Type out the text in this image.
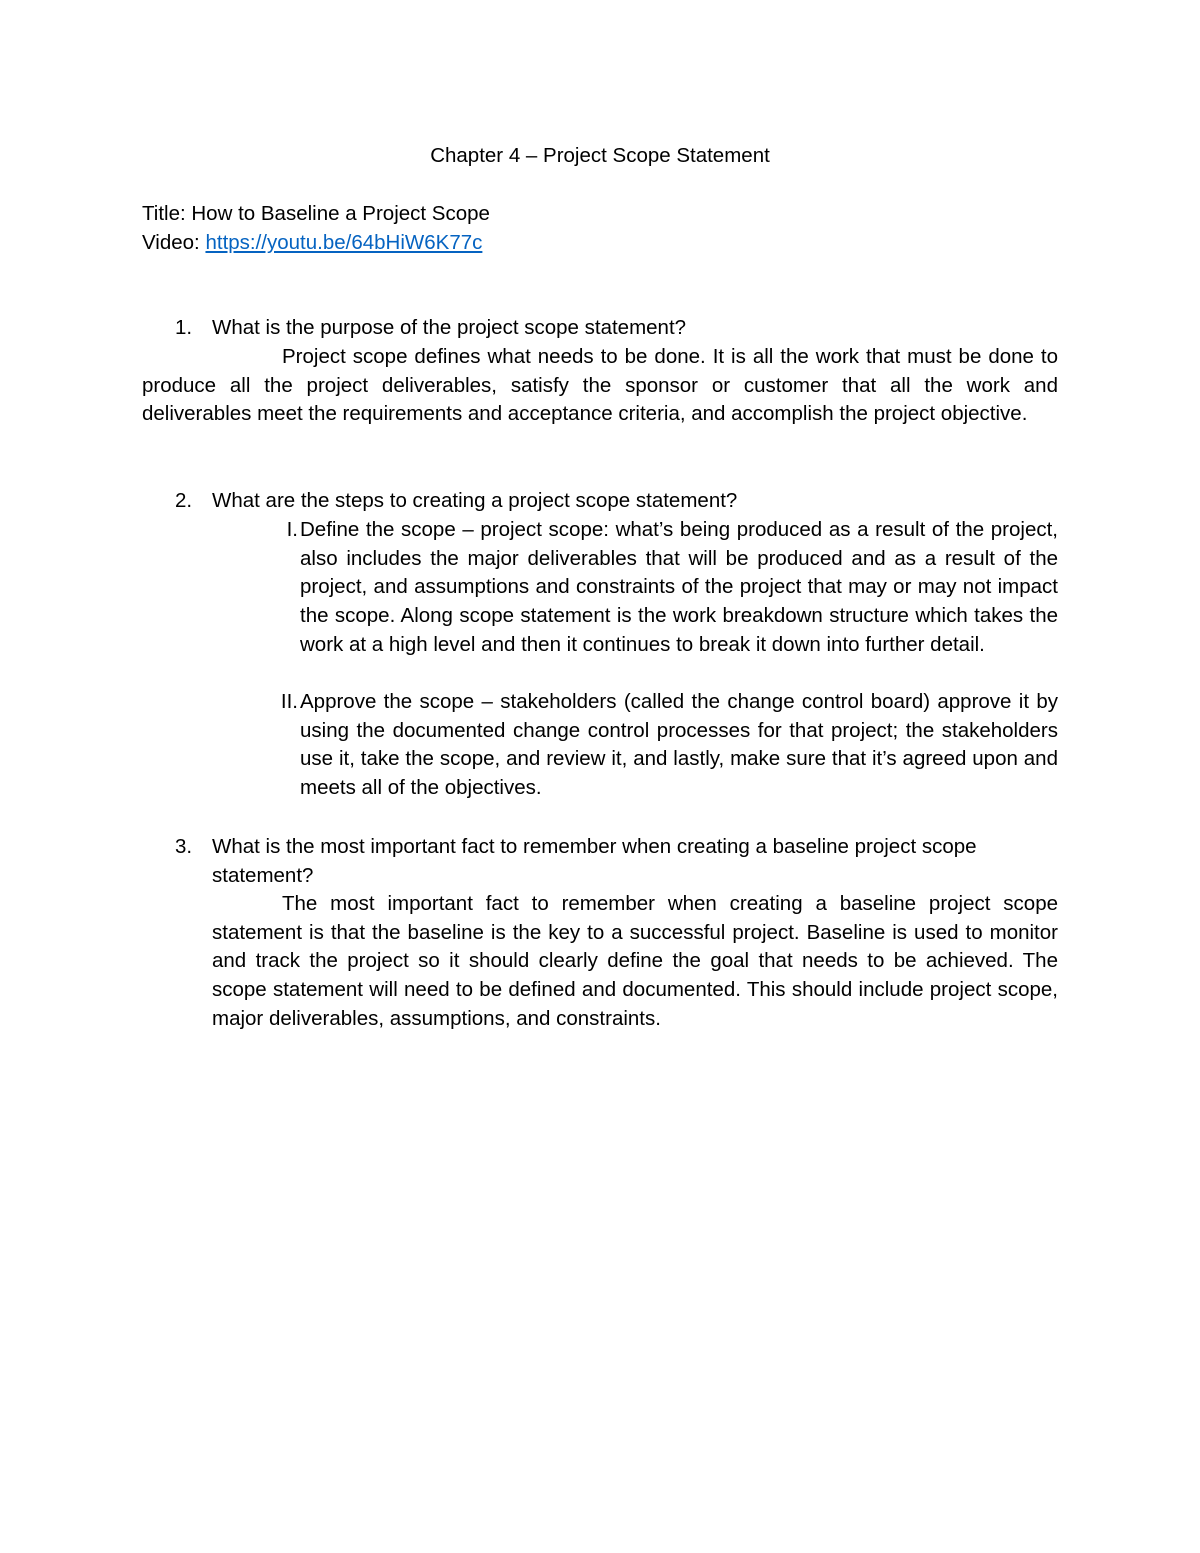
Chapter 4 – Project Scope Statement
Title: How to Baseline a Project Scope
Video: https://youtu.be/64bHiW6K77c
1. What is the purpose of the project scope statement?
Project scope defines what needs to be done. It is all the work that must be done to produce all the project deliverables, satisfy the sponsor or customer that all the work and deliverables meet the requirements and acceptance criteria, and accomplish the project objective.
2. What are the steps to creating a project scope statement?
I. Define the scope – project scope: what’s being produced as a result of the project, also includes the major deliverables that will be produced and as a result of the project, and assumptions and constraints of the project that may or may not impact the scope. Along scope statement is the work breakdown structure which takes the work at a high level and then it continues to break it down into further detail.
II. Approve the scope – stakeholders (called the change control board) approve it by using the documented change control processes for that project; the stakeholders use it, take the scope, and review it, and lastly, make sure that it’s agreed upon and meets all of the objectives.
3. What is the most important fact to remember when creating a baseline project scope statement?
The most important fact to remember when creating a baseline project scope statement is that the baseline is the key to a successful project. Baseline is used to monitor and track the project so it should clearly define the goal that needs to be achieved. The scope statement will need to be defined and documented. This should include project scope, major deliverables, assumptions, and constraints.
